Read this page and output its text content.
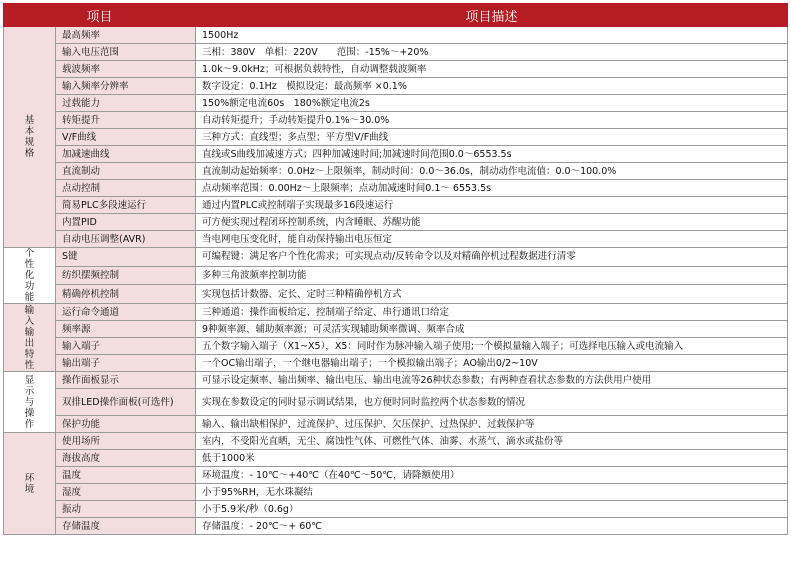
项目		项目描述
基本规格	最高频率	1500Hz
	输入电压范围	三相：380V　单相：220V　　范围：-15%～+20%
	载波频率	1.0k～9.0kHz；可根据负载特性，自动调整载波频率
	输入频率分辨率	数字设定：0.1Hz　模拟设定：最高频率 ×0.1%
	过载能力	150%额定电流60s　180%额定电流2s
	转矩提升	自动转矩提升；手动转矩提升0.1%～30.0%
	V/F曲线	三种方式：直线型；多点型；平方型V/F曲线
	加减速曲线	直线或S曲线加减速方式；四种加减速时间;加减速时间范围0.0～6553.5s
	直流制动	直流制动起始频率：0.0Hz～上限频率，制动时间：0.0～36.0s，制动动作电流值：0.0～100.0%
	点动控制	点动频率范围：0.00Hz～上限频率；点动加减速时间0.1～ 6553.5s
	简易PLC多段速运行	通过内置PLC或控制端子实现最多16段速运行
	内置PID	可方便实现过程闭环控制系统，内含睡眠、苏醒功能
	自动电压调整(AVR)	当电网电压变化时，能自动保持输出电压恒定
个性化功能	S键	可编程键：满足客户个性化需求；可实现点动/反转命令以及对精确停机过程数据进行清零
	纺织摆频控制	多种三角波频率控制功能
	精确停机控制	实现包括计数器、定长、定时三种精确停机方式
输入输出特性	运行命令通道	三种通道：操作面板给定、控制端子给定、串行通讯口给定
	频率源	9种频率源、辅助频率源；可灵活实现辅助频率微调、频率合成
	输入端子	五个数字输入端子（X1~X5），X5：同时作为脉冲输入端子使用;一个模拟量输入端子；可选择电压输入或电流输入
	输出端子	一个OC输出端子，一个继电器输出端子；一个模拟输出端子；AO输出0/2~10V
显示与操作	操作面板显示	可显示设定频率、输出频率、输出电压、输出电流等26种状态参数；有两种查看状态参数的方法供用户使用
	双排LED操作面板(可选件)	实现在参数设定的同时显示调试结果，也方便时同时监控两个状态参数的情况
	保护功能	输入、输出缺相保护、过流保护、过压保护、欠压保护、过热保护、过载保护等
环境	使用场所	室内，不受阳光直晒，无尘、腐蚀性气体、可燃性气体、油雾、水蒸气、滴水或盐份等
	海拔高度	低于1000米
	温度	环境温度：- 10℃～+40℃（在40℃～50℃，请降额使用）
	湿度	小于95%RH，无水珠凝结
	振动	小于5.9米/秒（0.6g）
	存储温度	存储温度：- 20℃～+ 60℃
